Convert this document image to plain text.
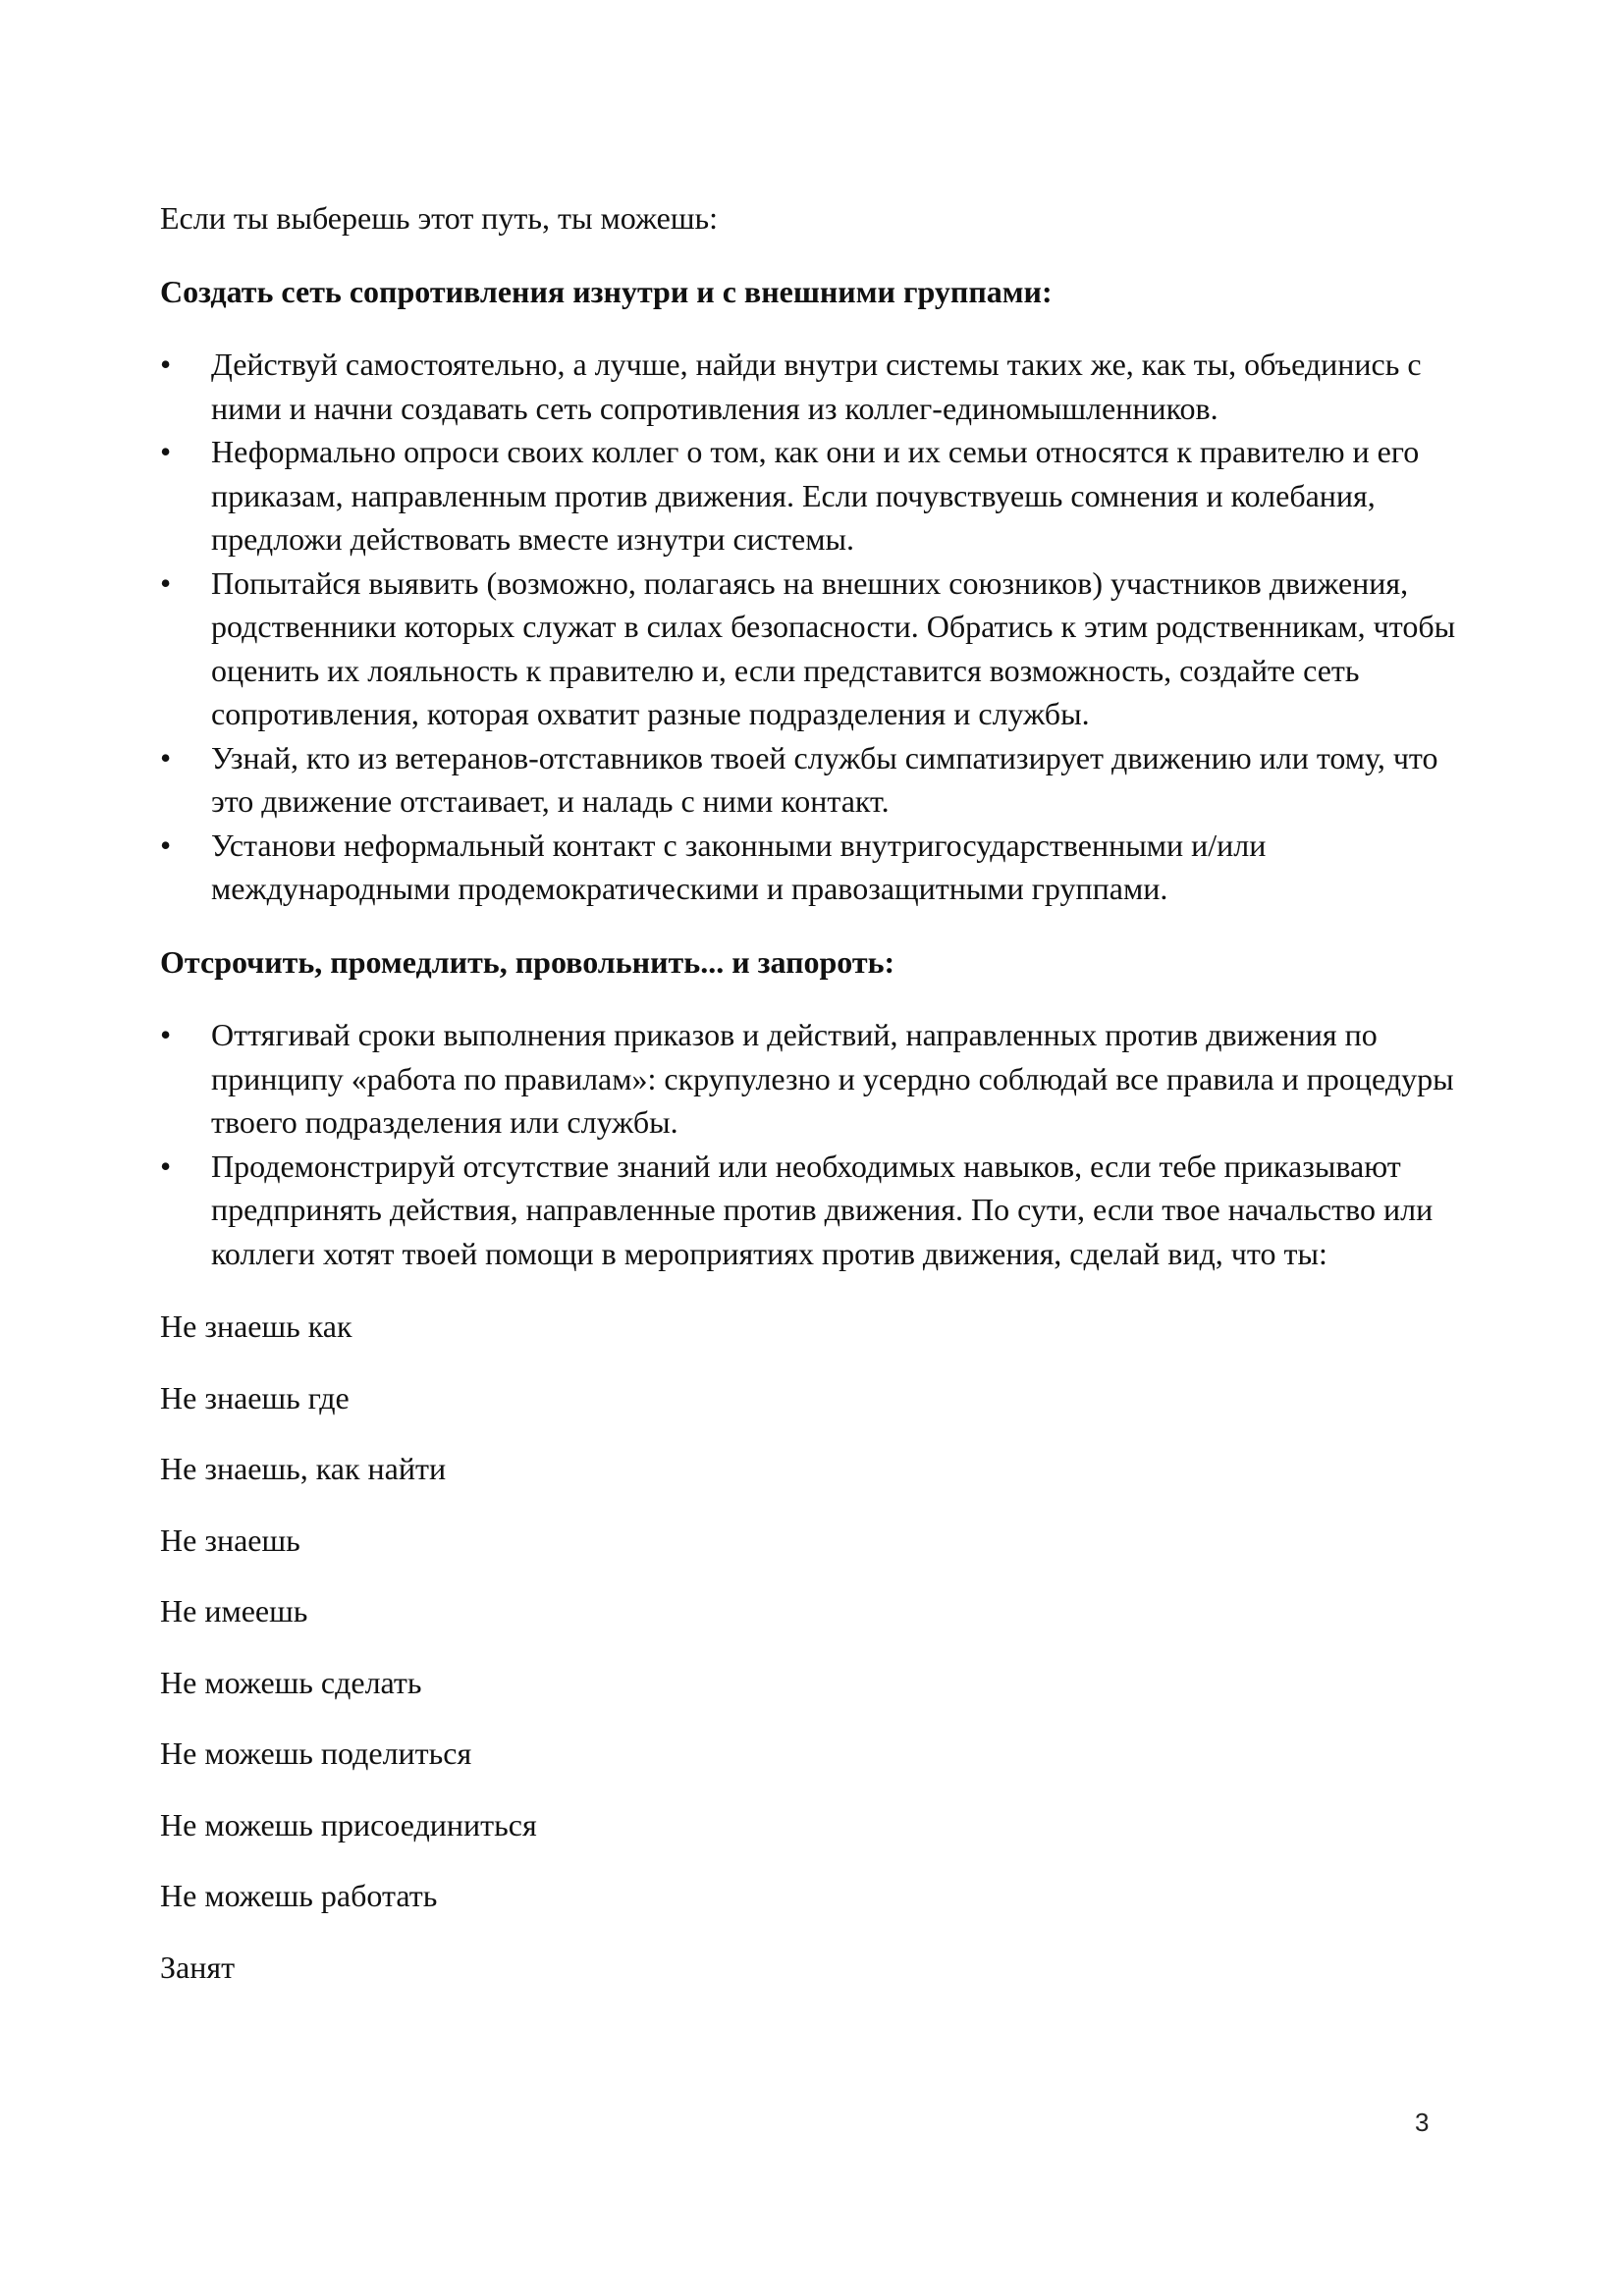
Если ты выберешь этот путь, ты можешь:

Создать сеть сопротивления изнутри и с внешними группами:

•	Действуй самостоятельно, а лучше, найди внутри системы таких же, как ты, объединись с ними и начни создавать сеть сопротивления из коллег-единомышленников.
•	Неформально опроси своих коллег о том, как они и их семьи относятся к правителю и его приказам, направленным против движения. Если почувствуешь сомнения и колебания, предложи действовать вместе изнутри системы.
•	Попытайся выявить (возможно, полагаясь на внешних союзников) участников движения, родственники которых служат в силах безопасности. Обратись к этим родственникам, чтобы оценить их лояльность к правителю и, если представится возможность, создайте сеть сопротивления, которая охватит разные подразделения и службы.
•	Узнай, кто из ветеранов-отставников твоей службы симпатизирует движению или тому, что это движение отстаивает, и наладь с ними контакт.
•	Установи неформальный контакт с законными внутригосударственными и/или международными продемократическими и правозащитными группами.

Отсрочить, промедлить, провольнить... и запороть:

•	Оттягивай сроки выполнения приказов и действий, направленных против движения по принципу «работа по правилам»: скрупулезно и усердно соблюдай все правила и процедуры твоего подразделения или службы.
•	Продемонстрируй отсутствие знаний или необходимых навыков, если тебе приказывают предпринять действия, направленные против движения. По сути, если твое начальство или коллеги хотят твоей помощи в мероприятиях против движения, сделай вид, что ты:

Не знаешь как

Не знаешь где

Не знаешь, как найти

Не знаешь

Не имеешь

Не можешь сделать

Не можешь поделиться

Не можешь присоединиться

Не можешь работать

Занят

3
